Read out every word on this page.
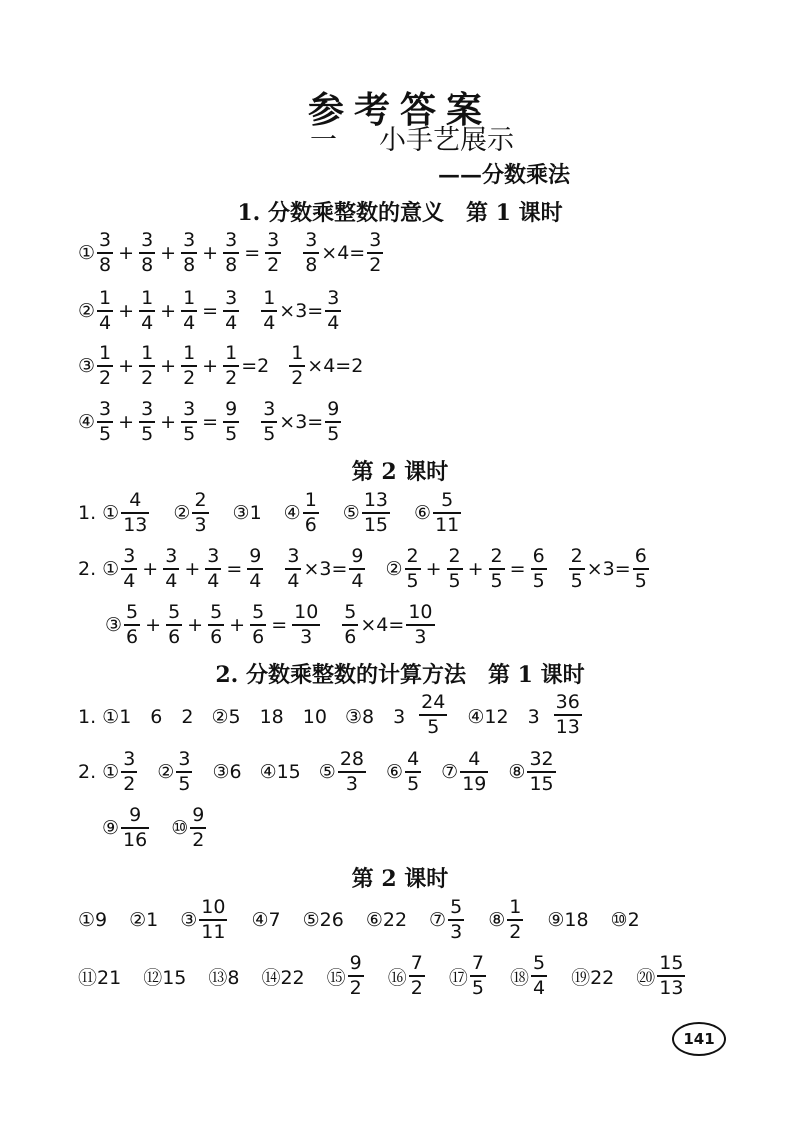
参考答案
一 小手艺展示
——分数乘法
1. 分数乘整数的意义　第 1 课时
第 2 课时
2. 分数乘整数的计算方法　第 1 课时
第 2 课时
① $\frac{3}{8} + \frac{3}{8} + \frac{3}{8} + \frac{3}{8} = \frac{3}{2} \frac{3}{8} \times 4= \frac{3}{2}$
② $\frac{1}{4} + \frac{1}{4} + \frac{1}{4} = \frac{3}{4} \frac{1}{4} \times 3= \frac{3}{4}$
③ $\frac{1}{2} + \frac{1}{2} + \frac{1}{2} + \frac{1}{2} =2 \frac{1}{2} \times 4=2$
④ $\frac{3}{5} + \frac{3}{5} + \frac{3}{5} = \frac{9}{5} \frac{3}{5} \times 3= \frac{9}{5}$
1. ① $\frac{4}{13}$ ② $\frac{2}{3}$ ③1 ④ $\frac{1}{6}$ ⑤ $\frac{13}{15}$ ⑥ $\frac{5}{11}$
2. ① $\frac{3}{4} + \frac{3}{4} + \frac{3}{4} = \frac{9}{4} \frac{3}{4} \times 3= \frac{9}{4}$ ② $\frac{2}{5} + \frac{2}{5} + \frac{2}{5} = \frac{6}{5} \frac{2}{5} \times 3= \frac{6}{5}$
③ $\frac{5}{6} + \frac{5}{6} + \frac{5}{6} + \frac{5}{6} = \frac{10}{3} \frac{5}{6} \times 4= \frac{10}{3}$
1. ①1　6　2 ②5　18　10 ③8　$3 \frac{24}{5}$ ④12　$3 \frac{36}{13}$
2. ① $\frac{3}{2}$ ② $\frac{3}{5}$ ③6 ④15 ⑤ $\frac{28}{3}$ ⑥ $\frac{4}{5}$ ⑦ $\frac{4}{19}$ ⑧ $\frac{32}{15}$
⑨ $\frac{9}{16}$ ⑩ $\frac{9}{2}$
①9 ②1 ③ $\frac{10}{11}$ ④7 ⑤26 ⑥22 ⑦ $\frac{5}{3}$ ⑧ $\frac{1}{2}$ ⑨18 ⑩2
⑪21 ⑫15 ⑬8 ⑭22 ⑮ $\frac{9}{2}$ ⑯ $\frac{7}{2}$ ⑰ $\frac{7}{5}$ ⑱ $\frac{5}{4}$ ⑲22 ⑳ $\frac{15}{13}$
141
